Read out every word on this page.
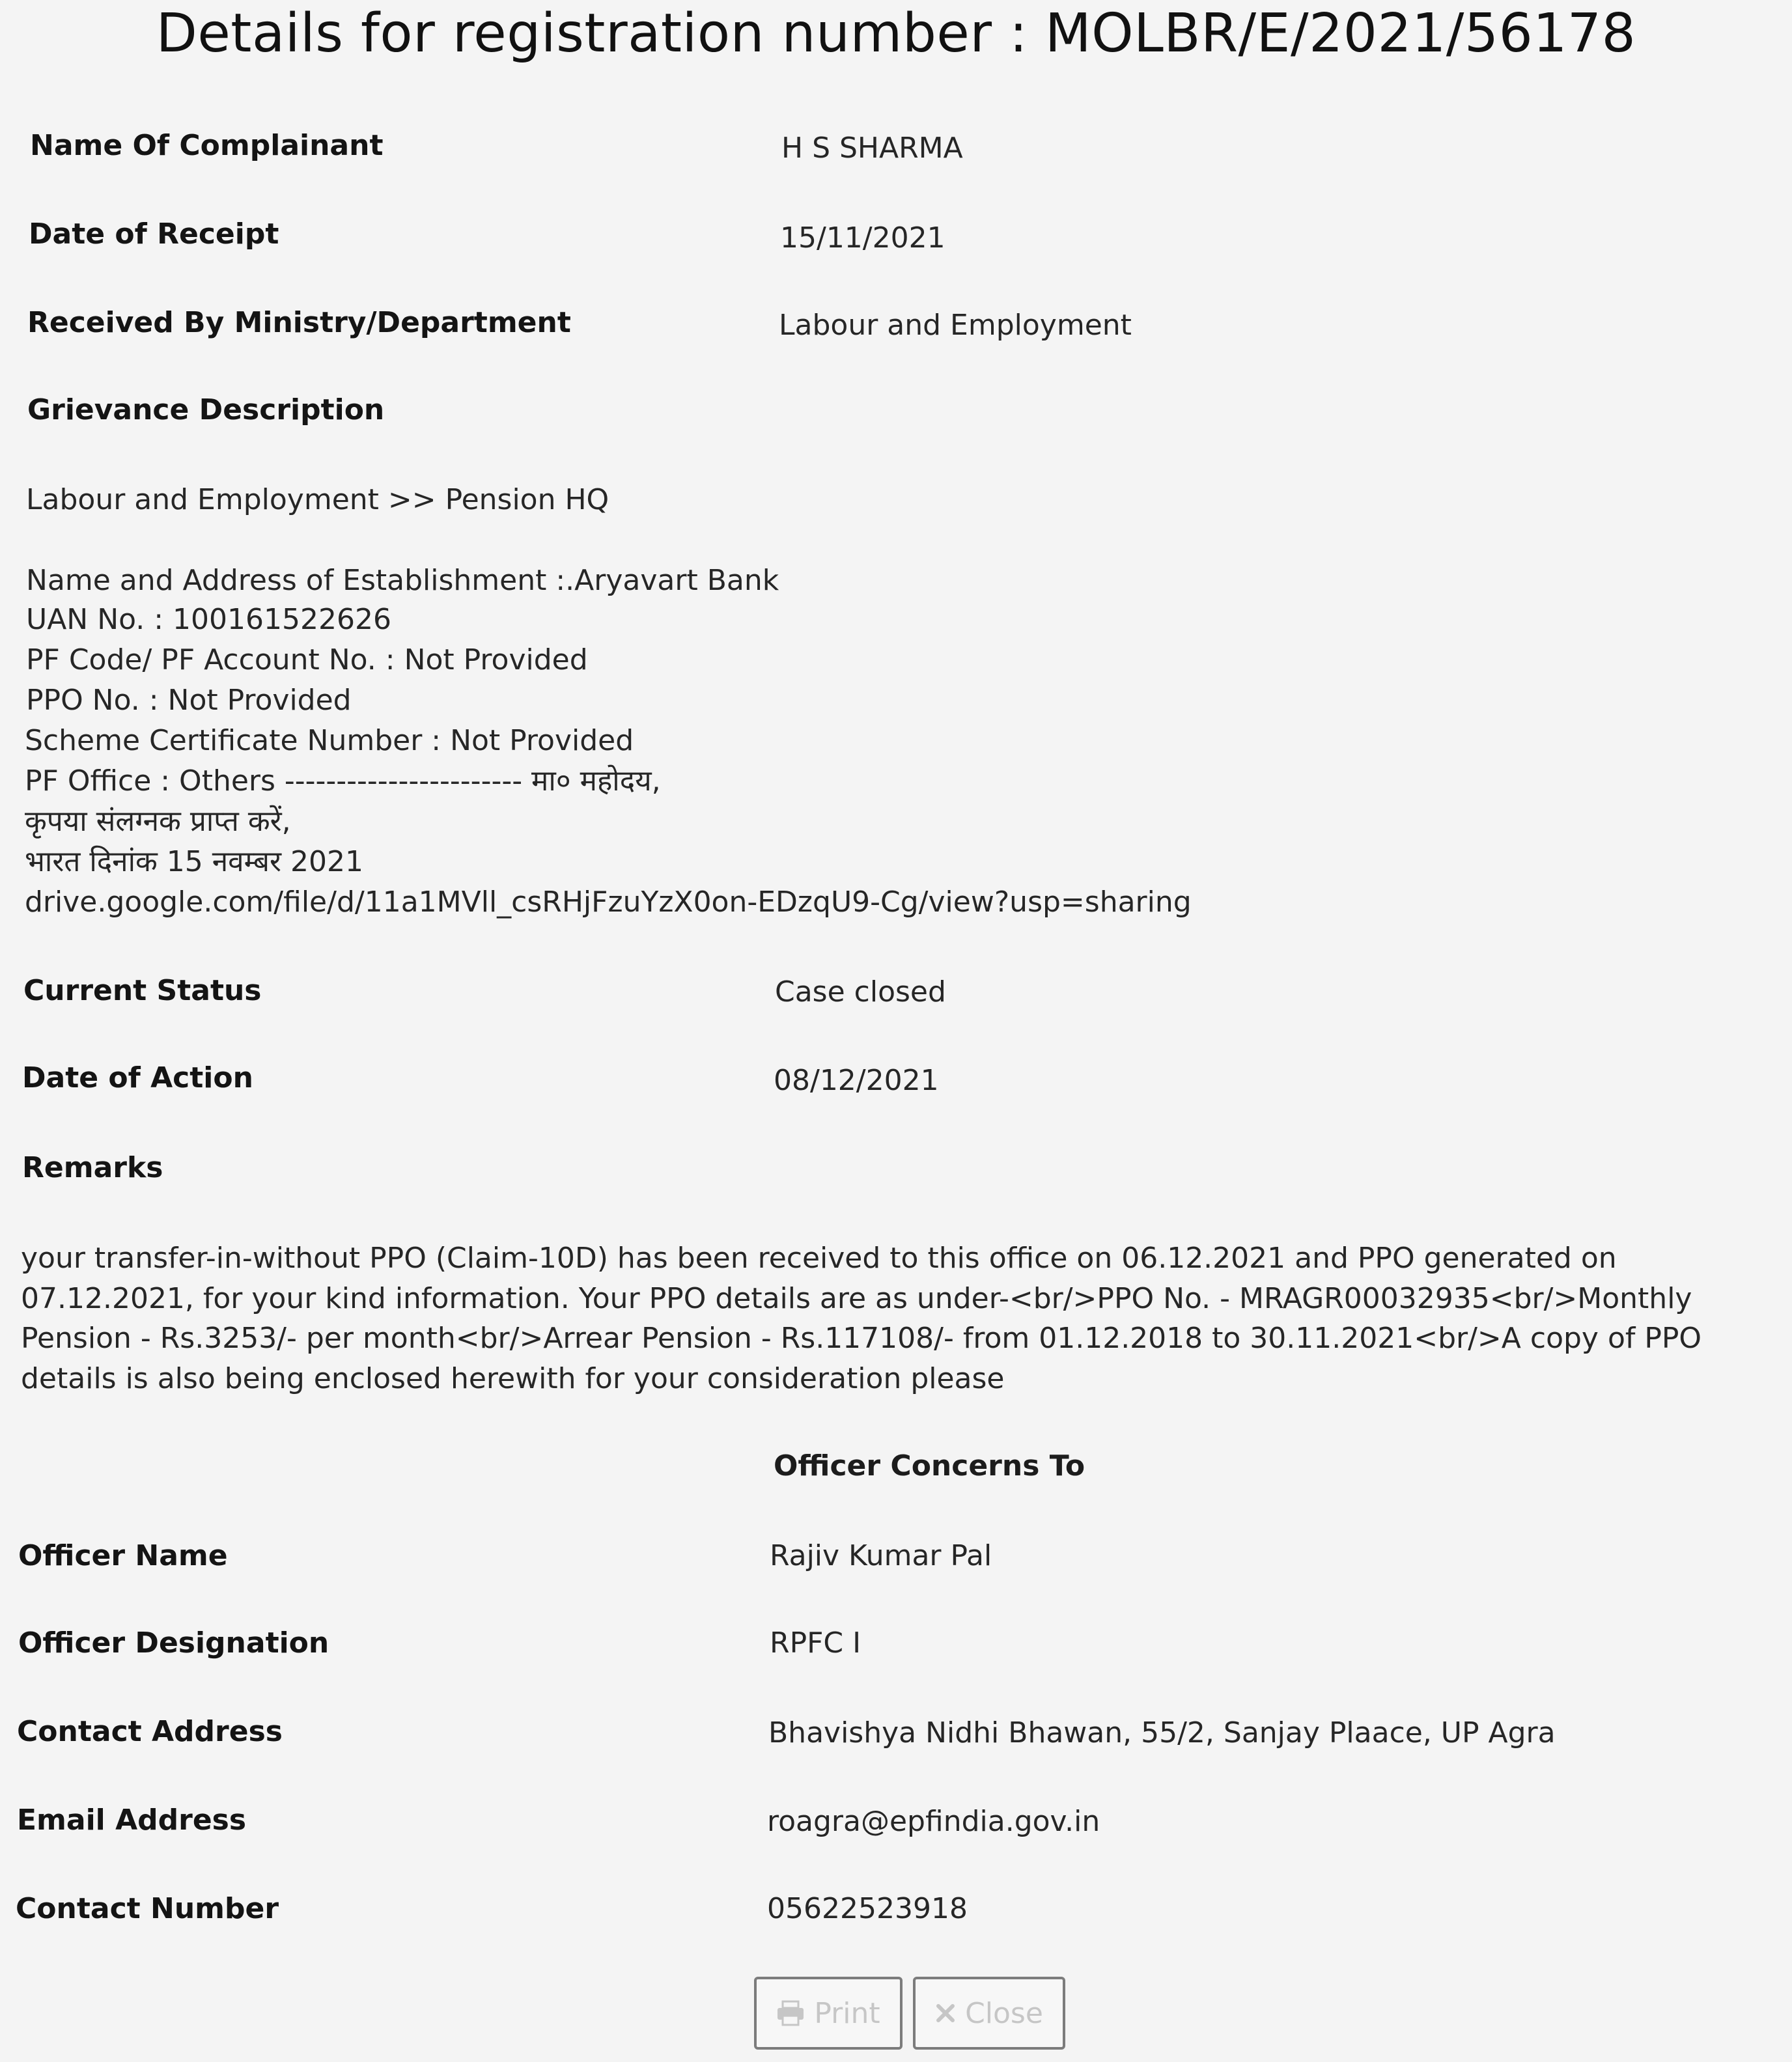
Details for registration number : MOLBR/E/2021/56178
Name Of Complainant	H S SHARMA
Date of Receipt	15/11/2021
Received By Ministry/Department	Labour and Employment
Grievance Description
Labour and Employment >> Pension HQ
Name and Address of Establishment :.Aryavart Bank
UAN No. : 100161522626
PF Code/ PF Account No. : Not Provided
PPO No. : Not Provided
Scheme Certificate Number : Not Provided
PF Office : Others ----------------------- मा० महोदय,
कृपया संलग्नक प्राप्त करें,
भारत दिनांक 15 नवम्बर 2021
drive.google.com/file/d/11a1MVll_csRHjFzuYzX0on-EDzqU9-Cg/view?usp=sharing
Current Status	Case closed
Date of Action	08/12/2021
Remarks
your transfer-in-without PPO (Claim-10D) has been received to this office on 06.12.2021 and PPO generated on 07.12.2021, for your kind information. Your PPO details are as under-<br/>PPO No. - MRAGR00032935<br/>Monthly Pension - Rs.3253/- per month<br/>Arrear Pension - Rs.117108/- from 01.12.2018 to 30.11.2021<br/>A copy of PPO details is also being enclosed herewith for your consideration please
Officer Concerns To
Officer Name	Rajiv Kumar Pal
Officer Designation	RPFC I
Contact Address	Bhavishya Nidhi Bhawan, 55/2, Sanjay Plaace, UP Agra
Email Address	roagra@epfindia.gov.in
Contact Number	05622523918
Print	Close
